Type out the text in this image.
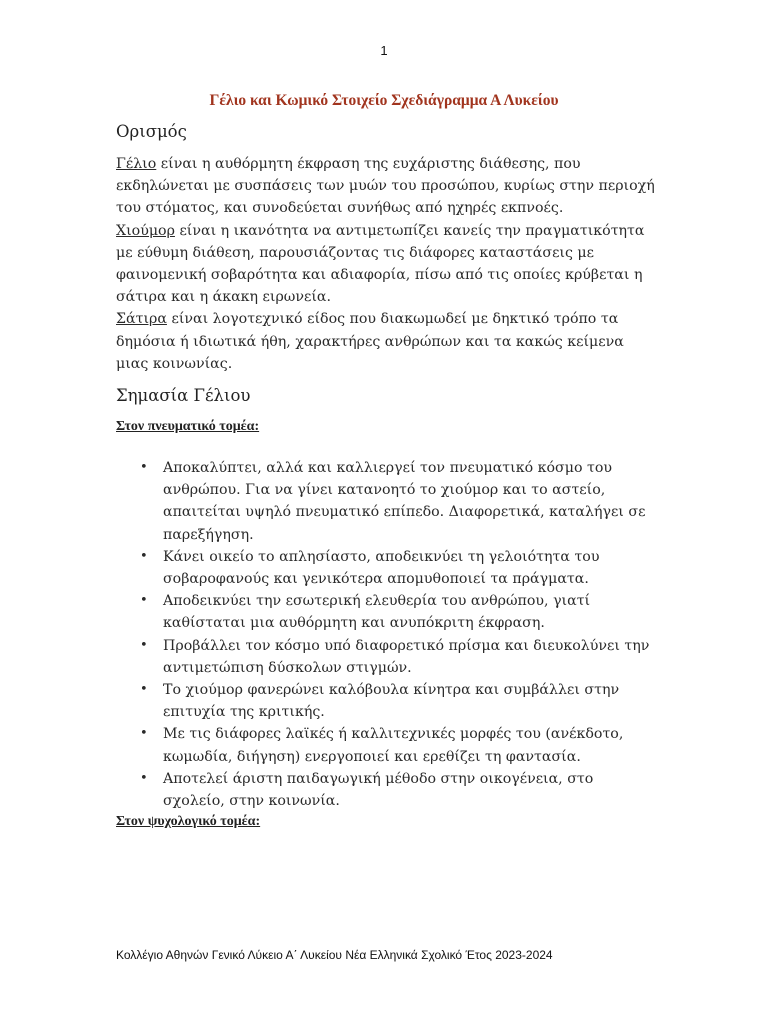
1
Γέλιο και Κωμικό Στοιχείο Σχεδιάγραμμα Α Λυκείου
Ορισμός

Γέλιο είναι η αυθόρμητη έκφραση της ευχάριστης διάθεσης, που εκδηλώνεται με συσπάσεις των μυών του προσώπου, κυρίως στην περιοχή του στόματος, και συνοδεύεται συνήθως από ηχηρές εκπνοές.

Χιούμορ είναι η ικανότητα να αντιμετωπίζει κανείς την πραγματικότητα με εύθυμη διάθεση, παρουσιάζοντας τις διάφορες καταστάσεις με φαινομενική σοβαρότητα και αδιαφορία, πίσω από τις οποίες κρύβεται η σάτιρα και η άκακη ειρωνεία.

Σάτιρα είναι λογοτεχνικό είδος που διακωμωδεί με δηκτικό τρόπο τα δημόσια ή ιδιωτικά ήθη, χαρακτήρες ανθρώπων και τα κακώς κείμενα μιας κοινωνίας.

Σημασία Γέλιου

Στον πνευματικό τομέα:

• Αποκαλύπτει, αλλά και καλλιεργεί τον πνευματικό κόσμο του ανθρώπου. Για να γίνει κατανοητό το χιούμορ και το αστείο, απαιτείται υψηλό πνευματικό επίπεδο. Διαφορετικά, καταλήγει σε παρεξήγηση.
• Κάνει οικείο το απλησίαστο, αποδεικνύει τη γελοιότητα του σοβαροφανούς και γενικότερα απομυθοποιεί τα πράγματα.
• Αποδεικνύει την εσωτερική ελευθερία του ανθρώπου, γιατί καθίσταται μια αυθόρμητη και ανυπόκριτη έκφραση.
• Προβάλλει τον κόσμο υπό διαφορετικό πρίσμα και διευκολύνει την αντιμετώπιση δύσκολων στιγμών.
• Το χιούμορ φανερώνει καλόβουλα κίνητρα και συμβάλλει στην επιτυχία της κριτικής.
• Με τις διάφορες λαϊκές ή καλλιτεχνικές μορφές του (ανέκδοτο, κωμωδία, διήγηση) ενεργοποιεί και ερεθίζει τη φαντασία.
• Αποτελεί άριστη παιδαγωγική μέθοδο στην οικογένεια, στο σχολείο, στην κοινωνία.

Στον ψυχολογικό τομέα:

Κολλέγιο Αθηνών Γενικό Λύκειο Α΄ Λυκείου Νέα Ελληνικά Σχολικό Έτος 2023-2024
